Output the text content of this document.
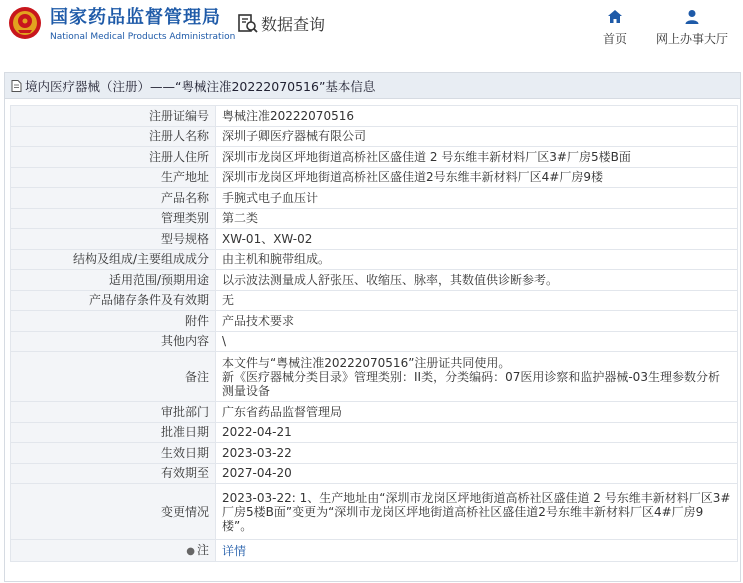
国家药品监督管理局
National Medical Products Administration
数据查询
首页	网上办事大厅
境内医疗器械（注册）——“粤械注准20222070516”基本信息
注册证编号	粤械注准20222070516
注册人名称	深圳子卿医疗器械有限公司
注册人住所	深圳市龙岗区坪地街道高桥社区盛佳道 2 号东维丰新材料厂区3#厂房5楼B面
生产地址	深圳市龙岗区坪地街道高桥社区盛佳道2号东维丰新材料厂区4#厂房9楼
产品名称	手腕式电子血压计
管理类别	第二类
型号规格	XW-01、XW-02
结构及组成/主要组成成分	由主机和腕带组成。
适用范围/预期用途	以示波法测量成人舒张压、收缩压、脉率，其数值供诊断参考。
产品储存条件及有效期	无
附件	产品技术要求
其他内容	\
备注	本文件与“粤械注准20222070516”注册证共同使用。
新《医疗器械分类目录》管理类别：II类，分类编码：07医用诊察和监护器械-03生理参数分析测量设备

审批部门	广东省药品监督管理局
批准日期	2022-04-21
生效日期	2023-03-22
有效期至	2027-04-20
变更情况	2023-03-22: 1、生产地址由“深圳市龙岗区坪地街道高桥社区盛佳道 2 号东维丰新材料厂区3#厂房5楼B面”变更为“深圳市龙岗区坪地街道高桥社区盛佳道2号东维丰新材料厂区4#厂房9楼”。
● 注	详情
